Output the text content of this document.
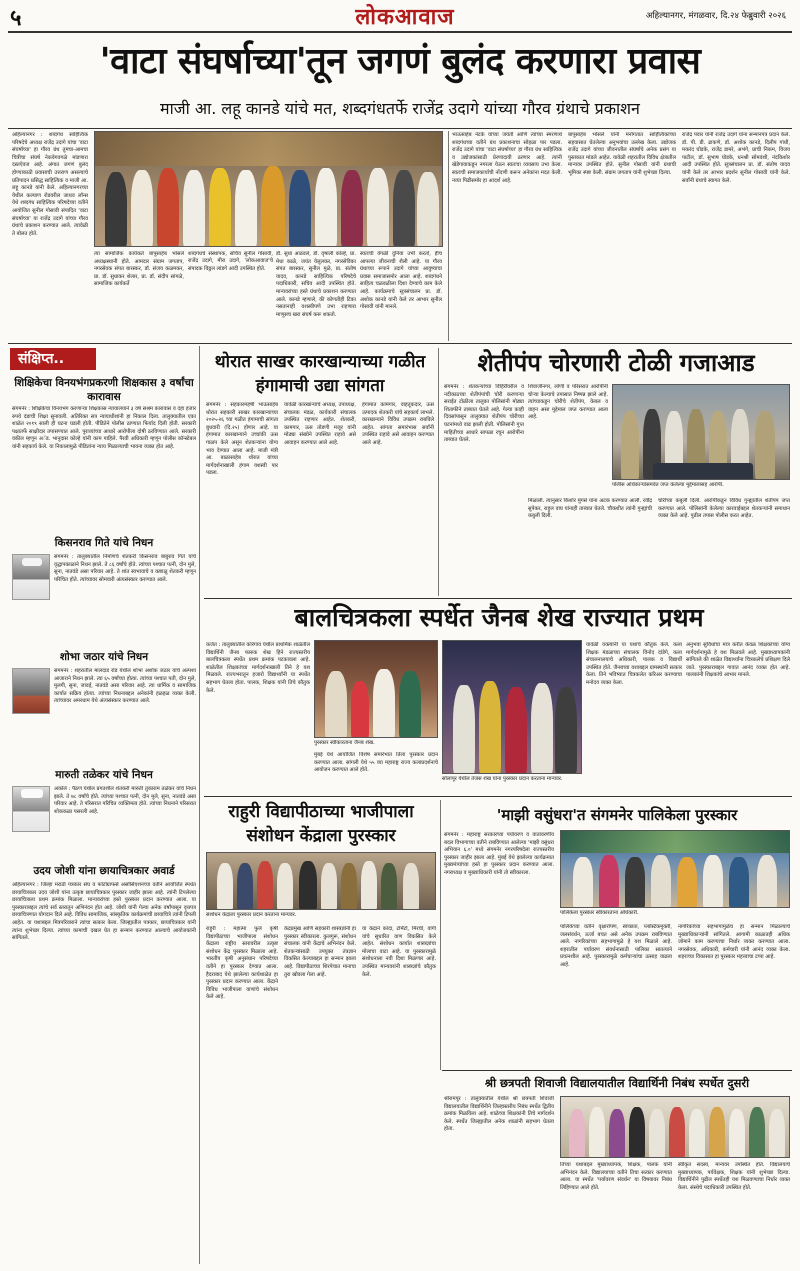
५	लोकआवाज	अहिल्यानगर, मंगळवार, दि.२४ फेब्रुवारी २०२६
'वाटा संघर्षाच्या'तून जगणं बुलंद करणारा प्रवास
माजी आ. लहू कानडे यांचे मत, शब्दगंधतर्फे राजेंद्र उदागे यांच्या गौरव ग्रंथाचे प्रकाशन
अहिल्यानगर : शब्दगंध साहित्यिक परिषदेचे अध्यक्ष राजेंद्र उदागे यांचा 'वाटा संघर्षाच्या' हा गौरव ग्रंथ तुमचा-आमचा चित्रीचा संघर्ष नेकवेगवगळे मांडणारा दस्तऐवज आहे. अंगात जगणं बुलंद होण्याकाठी प्रवासाची उत्तराण असल्याचे प्रतिपादन प्रसिद्ध साहित्यिक व माजी आ. लहू कानडे यांनी केले. अहिल्यानगरच्या येथील कल्याण रोडवरील जाधव लॉन्स येथे शब्दगंध साहित्यिक परिषदेच्या वतीने आयोजित सुनील गोसावी संपादित 'वाटा संघर्षाच्या' या राजेंद्र उदागे यांच्या गौरव ग्रंथाचे प्रकाशन करण्यात आले. त्यावेळी ते बोलत होते.
त्या सामाजिक कार्यकर्ते बापूसाहेब भोसले अध्यक्षस्थानी होते. आमदार संग्राम जगताप, नगरसेवक संपत बारस्कर, डॉ. संजय कळमकर, प्रा. डॉ. सुधाकर शेलार, प्रा. डॉ. संदीप सांगळे, सामाजिक कार्यकर्ते
शब्दगंधचे संस्थापक, सचिव सुनील गोसावी, राजेंद्र उदागे, मीरा उदागे, 'लोकआवाज'चे संपादक विठ्ठल लांडगे आदी उपस्थित होते.
डॉ. सुधा आठवले, डॉ. वृषाली कोल्हे, प्रा. मेधा काळे, जयंत येलुलकर, नगरसेविका संपत बारस्कर, सुनील मुळे, प्रा. संतोष यादव, कानडे साहित्यिक परिषदेचे पदाधिकारी, सचिव आदी उपस्थित होते. मान्यवरांच्या हस्ते ग्रंथाचे प्रकाशन करण्यात आले. कानडे म्हणाले, की कोणतीही टिका नसतानाही यशस्वीपणे उभा राहणारा माणूसच खरा संघर्ष करू शकतो.
स्वतःची वेगळी दुनिया उभी करतो, हीच आपल्या जीवनाची शैली आहे. या गौरव ग्रंथाच्या रूपाने उदागे यांच्या आयुष्याचा प्रवास समाजासमोर आला आहे. शब्दगंधने साहित्य चळवळीला दिशा देण्याचे काम केले आहे. कार्यक्रमाचे सूत्रसंचालन प्रा. डॉ. अशोक कानडे यांनी केले तर आभार सुनील गोसावी यांनी मानले.
भाऊसाहेब नेटके यांच्या जयंती आणि त्यांच्या स्मरणार्थ शब्दगंधच्या वतीने ग्रंथ प्रकाशनाचा सोहळा पार पडला. राजेंद्र उदागे यांचा 'वाटा संघर्षाच्या' हा गौरव ग्रंथ साहित्यिक व उद्योजकांसाठी प्रेरणादायी ठरणार आहे. त्यांनी खेडेगावाकडून नगरला येऊन स्वतःचा व्यवसाय उभा केला. स्वतःची समाजकार्याची नोंदणी करून अनेकांना मदत केली. नव्या पिढीसमोर हा आदर्श आहे.
बापूसाहेब भोसले यांनी मनोगतात साहित्यिकांच्या सहवासात घेतलेल्या अनुभवांचा उल्लेख केला. उद्योजक राजेंद्र उदागे यांच्या जीवनातील संघर्षाचे अनेक प्रसंग या पुस्तकात मांडले आहेत. यावेळी शहरातील विविध क्षेत्रातील मान्यवर उपस्थित होते. सुनील गोसावी यांनी ग्रंथाची भूमिका स्पष्ट केली. संग्राम जगताप यांनी शुभेच्छा दिल्या.
राजेंद्र पवार यांनी राजेंद्र उदागे यांना सन्मानपत्र प्रदान केले. डॉ. पी. डी. ढाकणे, डॉ. अशोक कानडे, दिलीप गांधी, मकरंद घोडके, राजेंद्र डामरे, अभंगे, प्राची निकम, विजय पाटील, डॉ. सुभाष घोडके, धनश्री सोमवंशी, नंदकिशोर आदी उपस्थित होते. सूत्रसंचालन प्रा. डॉ. संतोष यादव यांनी केले तर आभार प्रदर्शन सुनील गोसावी यांनी केले. सर्वांनी ग्रंथाचे स्वागत केले.
संक्षिप्त..
शिक्षिकेचा विनयभंगप्रकरणी शिक्षकास ३ वर्षांचा कारावास
संगमनेर : शिक्षिकेचा विनयभंग करणाऱ्या शिक्षकास न्यायालयाने ३ वर्ष सश्रम कारावास व दहा हजार रुपये दंडाची शिक्षा सुनावली. अतिरिक्त सत्र न्यायाधीशांनी हा निकाल दिला. तालुक्यातील एका शाळेत २०१९ साली ही घटना घडली होती. पीडितेने पोलीस ठाण्यात फिर्याद दिली होती. सरकारी पक्षातर्फे साक्षीदार तपासण्यात आले. पुराव्यांच्या आधारे आरोपीला दोषी ठरविण्यात आले. सरकारी वकील म्हणून अॅड. भानुदास कोल्हे यांनी काम पाहिले. पैरवी अधिकारी म्हणून पोलीस कॉन्स्टेबल यांनी सहकार्य केले. या निकालामुळे पीडितांना न्याय मिळाल्याची भावना व्यक्त होत आहे.
किसनराव गिते यांचे निधन
संगमनेर : तालुक्यातील निमोणचे शेतकरी किसनराव बाबुराव गिते यांचे वृद्धापकाळाने निधन झाले. ते ८६ वर्षांचे होते. त्यांच्या पश्चात पत्नी, दोन मुले, सुना, नातवंडे असा परिवार आहे. ते शांत स्वभावाचे व कष्टाळू शेतकरी म्हणून परिचित होते. त्यांच्यावर सोमवारी अंत्यसंस्कार करण्यात आले.
शोभा जठार यांचे निधन
संगमनेर : शहरातील मालदाड रोड येथील शोभा अशोक जठार यांचे अल्पशा आजाराने निधन झाले. त्या ६५ वर्षांच्या होत्या. त्यांच्या पश्चात पती, दोन मुले, मुलगी, सुना, जावई, नातवंडे असा परिवार आहे. त्या धार्मिक व सामाजिक कार्यात सक्रिय होत्या. त्यांच्या निधनाबद्दल अनेकांनी हळहळ व्यक्त केली. त्यांच्यावर अमरधाम येथे अंत्यसंस्कार करण्यात आले.
मारुती तळेकर यांचे निधन
अकोले : पैठण येथील प्रगतशील शेतकरी मारुती तुकाराम तळेकर यांचे निधन झाले. ते ७८ वर्षांचे होते. त्यांच्या पश्चात पत्नी, दोन मुले, सुना, नातवंडे असा परिवार आहे. ते परिसरात परिचित व्यक्तिमत्व होते. त्यांच्या निधनाने परिसरात शोककळा पसरली आहे.
उदय जोशी यांना छायाचित्रकार अवार्ड
अहिल्यानगर : जिल्हा मराठी पत्रकार संघ व फोटोग्राफर्स असोसिएशनच्या वतीने आयोजित स्पर्धेत छायाचित्रकार उदय जोशी यांना उत्कृष्ट छायाचित्रकार पुरस्कार जाहीर झाला आहे. त्यांनी टिपलेल्या छायाचित्राला प्रथम क्रमांक मिळाला. मान्यवरांच्या हस्ते पुरस्कार प्रदान करण्यात आला. या पुरस्काराबद्दल त्यांचे सर्व स्तरातून अभिनंदन होत आहे. जोशी यांनी गेल्या अनेक वर्षांपासून वृत्तपत्र छायाचित्रणात योगदान दिले आहे. विविध सामाजिक, सांस्कृतिक कार्यक्रमांची छायाचित्रे त्यांनी टिपली आहेत. या यशाबद्दल मित्रपरिवाराने त्यांचा सत्कार केला. जिल्ह्यातील पत्रकार, छायाचित्रकार यांनी त्यांना शुभेच्छा दिल्या. त्यांच्या कामाची दखल घेत हा सन्मान करण्यात आल्याचे आयोजकांनी सांगितले.
थोरात साखर कारखान्याच्या गळीत हंगामाची उद्या सांगता
संगमनेर : सहकारमहर्षी भाऊसाहेब थोरात सहकारी साखर कारखान्याच्या २०२५-२६ च्या गळीत हंगामाची सांगता बुधवारी (दि.२५) होणार आहे. या हंगामात कारखान्याने उच्चांकी ऊस गाळप केले असून शेतकऱ्यांना योग्य भाव देण्यात आला आहे. माजी मंत्री आ. बाळासाहेब थोरात यांच्या मार्गदर्शनाखाली हंगाम यशस्वी पार पडला.
यावेळी कारखान्याचे अध्यक्ष, उपाध्यक्ष, संचालक मंडळ, कार्यकारी संचालक उपस्थित राहणार आहेत. शेतकरी, कामगार, ऊस तोडणी मजूर यांनी मोठ्या संख्येने उपस्थित राहावे असे आवाहन करण्यात आले आहे.
हंगामात कामगार, वाहतूकदार, ऊस उत्पादक शेतकरी यांचे सहकार्य लाभले. कारखान्याने विविध उपक्रम राबविले आहेत. सांगता समारंभास सर्वांनी उपस्थित राहावे असे आवाहन करण्यात आले आहे.
शेतीपंप चोरणारी टोळी गजाआड
संगमनेर : शेतकऱ्यांच्या विहिरींवरील व नदीकाठच्या शेतीपंपांची चोरी करणाऱ्या सराईत टोळीला तालुका पोलिसांनी मोठ्या शिताफीने ताब्यात घेतले आहे. गेल्या काही दिवसांपासून तालुक्यात शेतीपंप चोरीच्या घटनांमध्ये वाढ झाली होती. पोलिसांनी गुप्त माहितीच्या आधारे सापळा रचून आरोपींना ताब्यात घेतले.
शिवाजीनगर, लोणी व परिसरात आरोपींनी चोऱ्या केल्याचे तपासात निष्पन्न झाले आहे. त्यांच्याकडून चोरीचे शेतीपंप, केबल व वाहन असा मुद्देमाल जप्त करण्यात आला आहे.
पोलीस अधिकाऱ्यांसमवेत जप्त केलेल्या मुद्देमालासह आरोपी.
मिळाली. त्यानुसार किशोर मुंगसे यांना अटक करण्यात आली. रवींद्र सुपेकर, राहुल वाघ यांनाही ताब्यात घेतले. चौकशीत त्यांनी गुन्ह्यांची कबुली दिली.
चोरीच्या कबुली दिली. आरोपींकडून विविध गुन्ह्यांतील शेतीपंप जप्त करण्यात आले. पोलिसांनी केलेल्या कारवाईबद्दल शेतकऱ्यांनी समाधान व्यक्त केले आहे. पुढील तपास पोलीस करत आहेत.
बालचित्रकला स्पर्धेत जैनब शेख राज्यात प्रथम
कर्जत : तालुक्यातील कोरेगाव येथील प्राथमिक शाळेतील विद्यार्थिनी जैनब फारुक शेख हिने राज्यस्तरीय बालचित्रकला स्पर्धेत प्रथम क्रमांक पटकावला आहे. शाळेतील शिक्षकांच्या मार्गदर्शनाखाली तिने हे यश मिळवले. राज्यभरातून हजारो विद्यार्थ्यांनी या स्पर्धेत सहभाग घेतला होता. पालक, शिक्षक यांनी तिचे कौतुक केले.
पुरस्कार स्वीकारताना जैनब शेख.
मुंबई येथे आयोजित विशेष समारंभात तिला पुरस्कार प्रदान करण्यात आला. सांगली येथे ५५ व्या महाराष्ट्र राज्य कलाप्रदर्शनाचे आयोजन करण्यात आले होते.
सोलापूर येथील तेजस शेख यांना पुरस्कार प्रदान करताना मान्यवर.
यावेळी वक्त्यांनी या यशाचे कौतुक केले. कला शिक्षक मंडळाच्या संचालक विनोद दांडेगे, कला संचालनालयाचे अधिकारी, पालक व विद्यार्थी उपस्थित होते. जैनबच्या यशाबद्दल ग्रामस्थांनी सत्कार केला. तिने भविष्यात चित्रकलेत करिअर करण्याचा मनोदय व्यक्त केला.
अनुभवा सुविधांचा मात्र करीत केवळ शिक्षकांच्या योग्य मार्गदर्शनामुळे हे यश मिळवले आहे. मुख्याध्यापकांनी सांगितले की शाळेत विद्यार्थ्यांना चित्रकलेचे प्रशिक्षण दिले जाते. पुरस्काराबद्दल गावात आनंद व्यक्त होत आहे. पालकांनी शिक्षकांचे आभार मानले.
राहुरी विद्यापीठाच्या भाजीपाला संशोधन केंद्राला पुरस्कार
संशोधन केंद्राला पुरस्कार प्रदान करताना मान्यवर.
राहुरी : महात्मा फुले कृषी विद्यापीठाच्या भाजीपाला संशोधन केंद्राला राष्ट्रीय स्तरावरील उत्कृष्ट संशोधन केंद्र पुरस्कार मिळाला आहे. भारतीय कृषी अनुसंधान परिषदेच्या वतीने हा पुरस्कार देण्यात आला. हैदराबाद येथे झालेल्या कार्यशाळेत हा पुरस्कार प्रदान करण्यात आला. केंद्राने विविध भाजीपाला वाणांचे संशोधन केले आहे.
केंद्रप्रमुख आणि सहकारी शास्त्रज्ञांनी हा पुरस्कार स्वीकारला. कुलगुरू, संशोधन संचालक यांनी केंद्राचे अभिनंदन केले. शेतकऱ्यांसाठी उपयुक्त तंत्रज्ञान विकसित केल्याबद्दल हा सन्मान झाला आहे. विद्यापीठाच्या शिरपेचात मानाचा तुरा खोवला गेला आहे.
या केंद्राने कांदा, टोमॅटो, मिरची, वांगी यांचे सुधारित वाण विकसित केले आहेत. संशोधन कार्यात शास्त्रज्ञांचा मोलाचा वाटा आहे. या पुरस्कारामुळे संशोधनाला नवी दिशा मिळणार आहे. उपस्थित मान्यवरांनी शास्त्रज्ञांचे कौतुक केले.
'माझी वसुंधरा'त संगमनेर पालिकेला पुरस्कार
संगमनेर : महाराष्ट्र सरकारच्या पर्यावरण व वातावरणीय बदल विभागाच्या वतीने राबविण्यात आलेल्या 'माझी वसुंधरा अभियान ६.०' मध्ये संगमनेर नगरपरिषदेला राज्यस्तरीय पुरस्कार जाहीर झाला आहे. मुंबई येथे झालेल्या कार्यक्रमात मुख्यमंत्र्यांच्या हस्ते हा पुरस्कार प्रदान करण्यात आला. नगराध्यक्ष व मुख्याधिकारी यांनी तो स्वीकारला.
पालिकेला पुरस्कार स्वीकारताना अधिकारी.
पालिकेच्या वतीने वृक्षारोपण, स्वच्छता, प्लास्टिकमुक्ती, जलसंवर्धन, ऊर्जा बचत असे अनेक उपक्रम राबविण्यात आले. नागरिकांच्या सहभागामुळे हे यश मिळाले आहे. शहरातील पर्यावरण संवर्धनासाठी पालिका सातत्याने प्रयत्नशील आहे. पुरस्कारामुळे कर्मचाऱ्यांचा उत्साह वाढला आहे.
नागरिकांच्या सहभागामुळेच हा सन्मान मिळाल्याचे मुख्याधिकाऱ्यांनी सांगितले. आगामी काळातही अधिक जोमाने काम करण्याचा निर्धार व्यक्त करण्यात आला. नगरसेवक, अधिकारी, कर्मचारी यांनी आनंद व्यक्त केला. शहराच्या विकासात हा पुरस्कार महत्त्वाचा टप्पा आहे.
श्री छत्रपती शिवाजी विद्यालयातील विद्यार्थिनी निबंध स्पर्धेत दुसरी
श्रीरामपूर : तालुक्यातील येथील श्री छत्रपती शिवाजी विद्यालयातील विद्यार्थिनीने जिल्हास्तरीय निबंध स्पर्धेत द्वितीय क्रमांक मिळविला आहे. शाळेच्या शिक्षकांनी तिचे मार्गदर्शन केले. स्पर्धेत जिल्ह्यातील अनेक शाळांनी सहभाग घेतला होता.
तिच्या यशाबद्दल मुख्याध्यापक, शिक्षक, पालक यांनी अभिनंदन केले. विद्यालयाच्या वतीने तिचा सत्कार करण्यात आला. या स्पर्धेत 'पर्यावरण संवर्धन' या विषयावर निबंध लिहिण्यात आले होते.
स्वीकृत सदस्य, मान्यवर उपस्थित होते. विद्यालयाचे मुख्याध्यापक, पर्यवेक्षक, शिक्षक यांनी शुभेच्छा दिल्या. विद्यार्थिनीने पुढील स्पर्धेतही यश मिळवण्याचा निर्धार व्यक्त केला. संस्थेचे पदाधिकारी उपस्थित होते.
